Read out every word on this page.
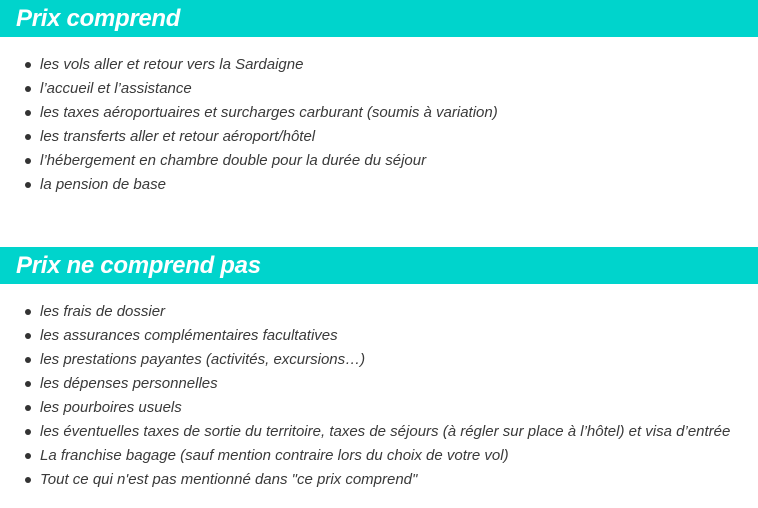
Prix comprend
les vols aller et retour vers la Sardaigne
l’accueil et l’assistance
les taxes aéroportuaires et surcharges carburant (soumis à variation)
les transferts aller et retour aéroport/hôtel
l’hébergement en chambre double pour la durée du séjour
la pension de base
Prix ne comprend pas
les frais de dossier
les assurances complémentaires facultatives
les prestations payantes (activités, excursions…)
les dépenses personnelles
les pourboires usuels
les éventuelles taxes de sortie du territoire, taxes de séjours (à régler sur place à l’hôtel) et visa d’entrée
La franchise bagage (sauf mention contraire lors du choix de votre vol)
Tout ce qui n'est pas mentionné dans "ce prix comprend"
